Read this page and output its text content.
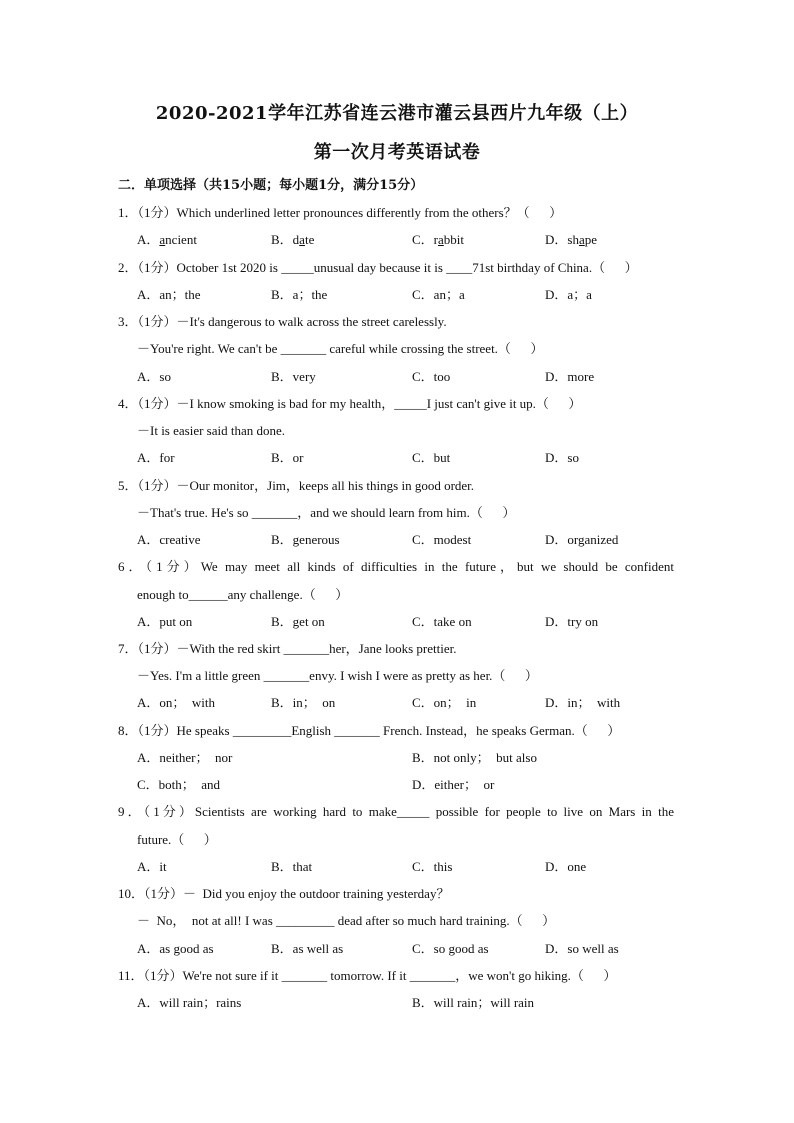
2020-2021学年江苏省连云港市灌云县西片九年级（上）
第一次月考英语试卷
二．单项选择（共15小题；每小题1分，满分15分）
1．（1分）Which underlined letter pronounces differently from the others？（      ）
A．ancient	B．date	C．rabbit	D．shape
2．（1分）October 1st 2020 is _____unusual day because it is ____71st birthday of China.（      ）
A．an；the	B．a；the	C．an；a	D．a；a
3．（1分）－It's dangerous to walk across the street carelessly.
－You're right. We can't be _______ careful while crossing the street.（      ）
A．so	B．very	C．too	D．more
4．（1分）－I know smoking is bad for my health，_____I just can't give it up.（      ）
－It is easier said than done.
A．for	B．or	C．but	D．so
5．（1分）－Our monitor，Jim，keeps all his things in good order.
－That's true. He's so _______，and we should learn from him.（      ）
A．creative	B．generous	C．modest	D．organized
6．（1分）We may meet all kinds of difficulties in the future，but we should be confident
enough to______any challenge.（      ）
A．put on	B．get on	C．take on	D．try on
7．（1分）－With the red skirt _______her，Jane looks prettier.
－Yes. I'm a little green _______envy. I wish I were as pretty as her.（      ）
A．on；  with	B．in；  on	C．on；  in	D．in；  with
8．（1分）He speaks _________English _______ French. Instead，he speaks German.（      ）
A．neither；  nor	B．not only；  but also
C．both；  and	D．either；  or
9．（1分）Scientists are working hard to make_____ possible for people to live on Mars in the
future.（      ）
A．it	B．that	C．this	D．one
10．（1分）－  Did you enjoy the outdoor training yesterday？
－  No，  not at all! I was _________ dead after so much hard training.（      ）
A．as good as	B．as well as	C．so good as	D．so well as
11．（1分）We're not sure if it _______ tomorrow. If it _______，we won't go hiking.（      ）
A．will rain；rains	B．will rain；will rain
